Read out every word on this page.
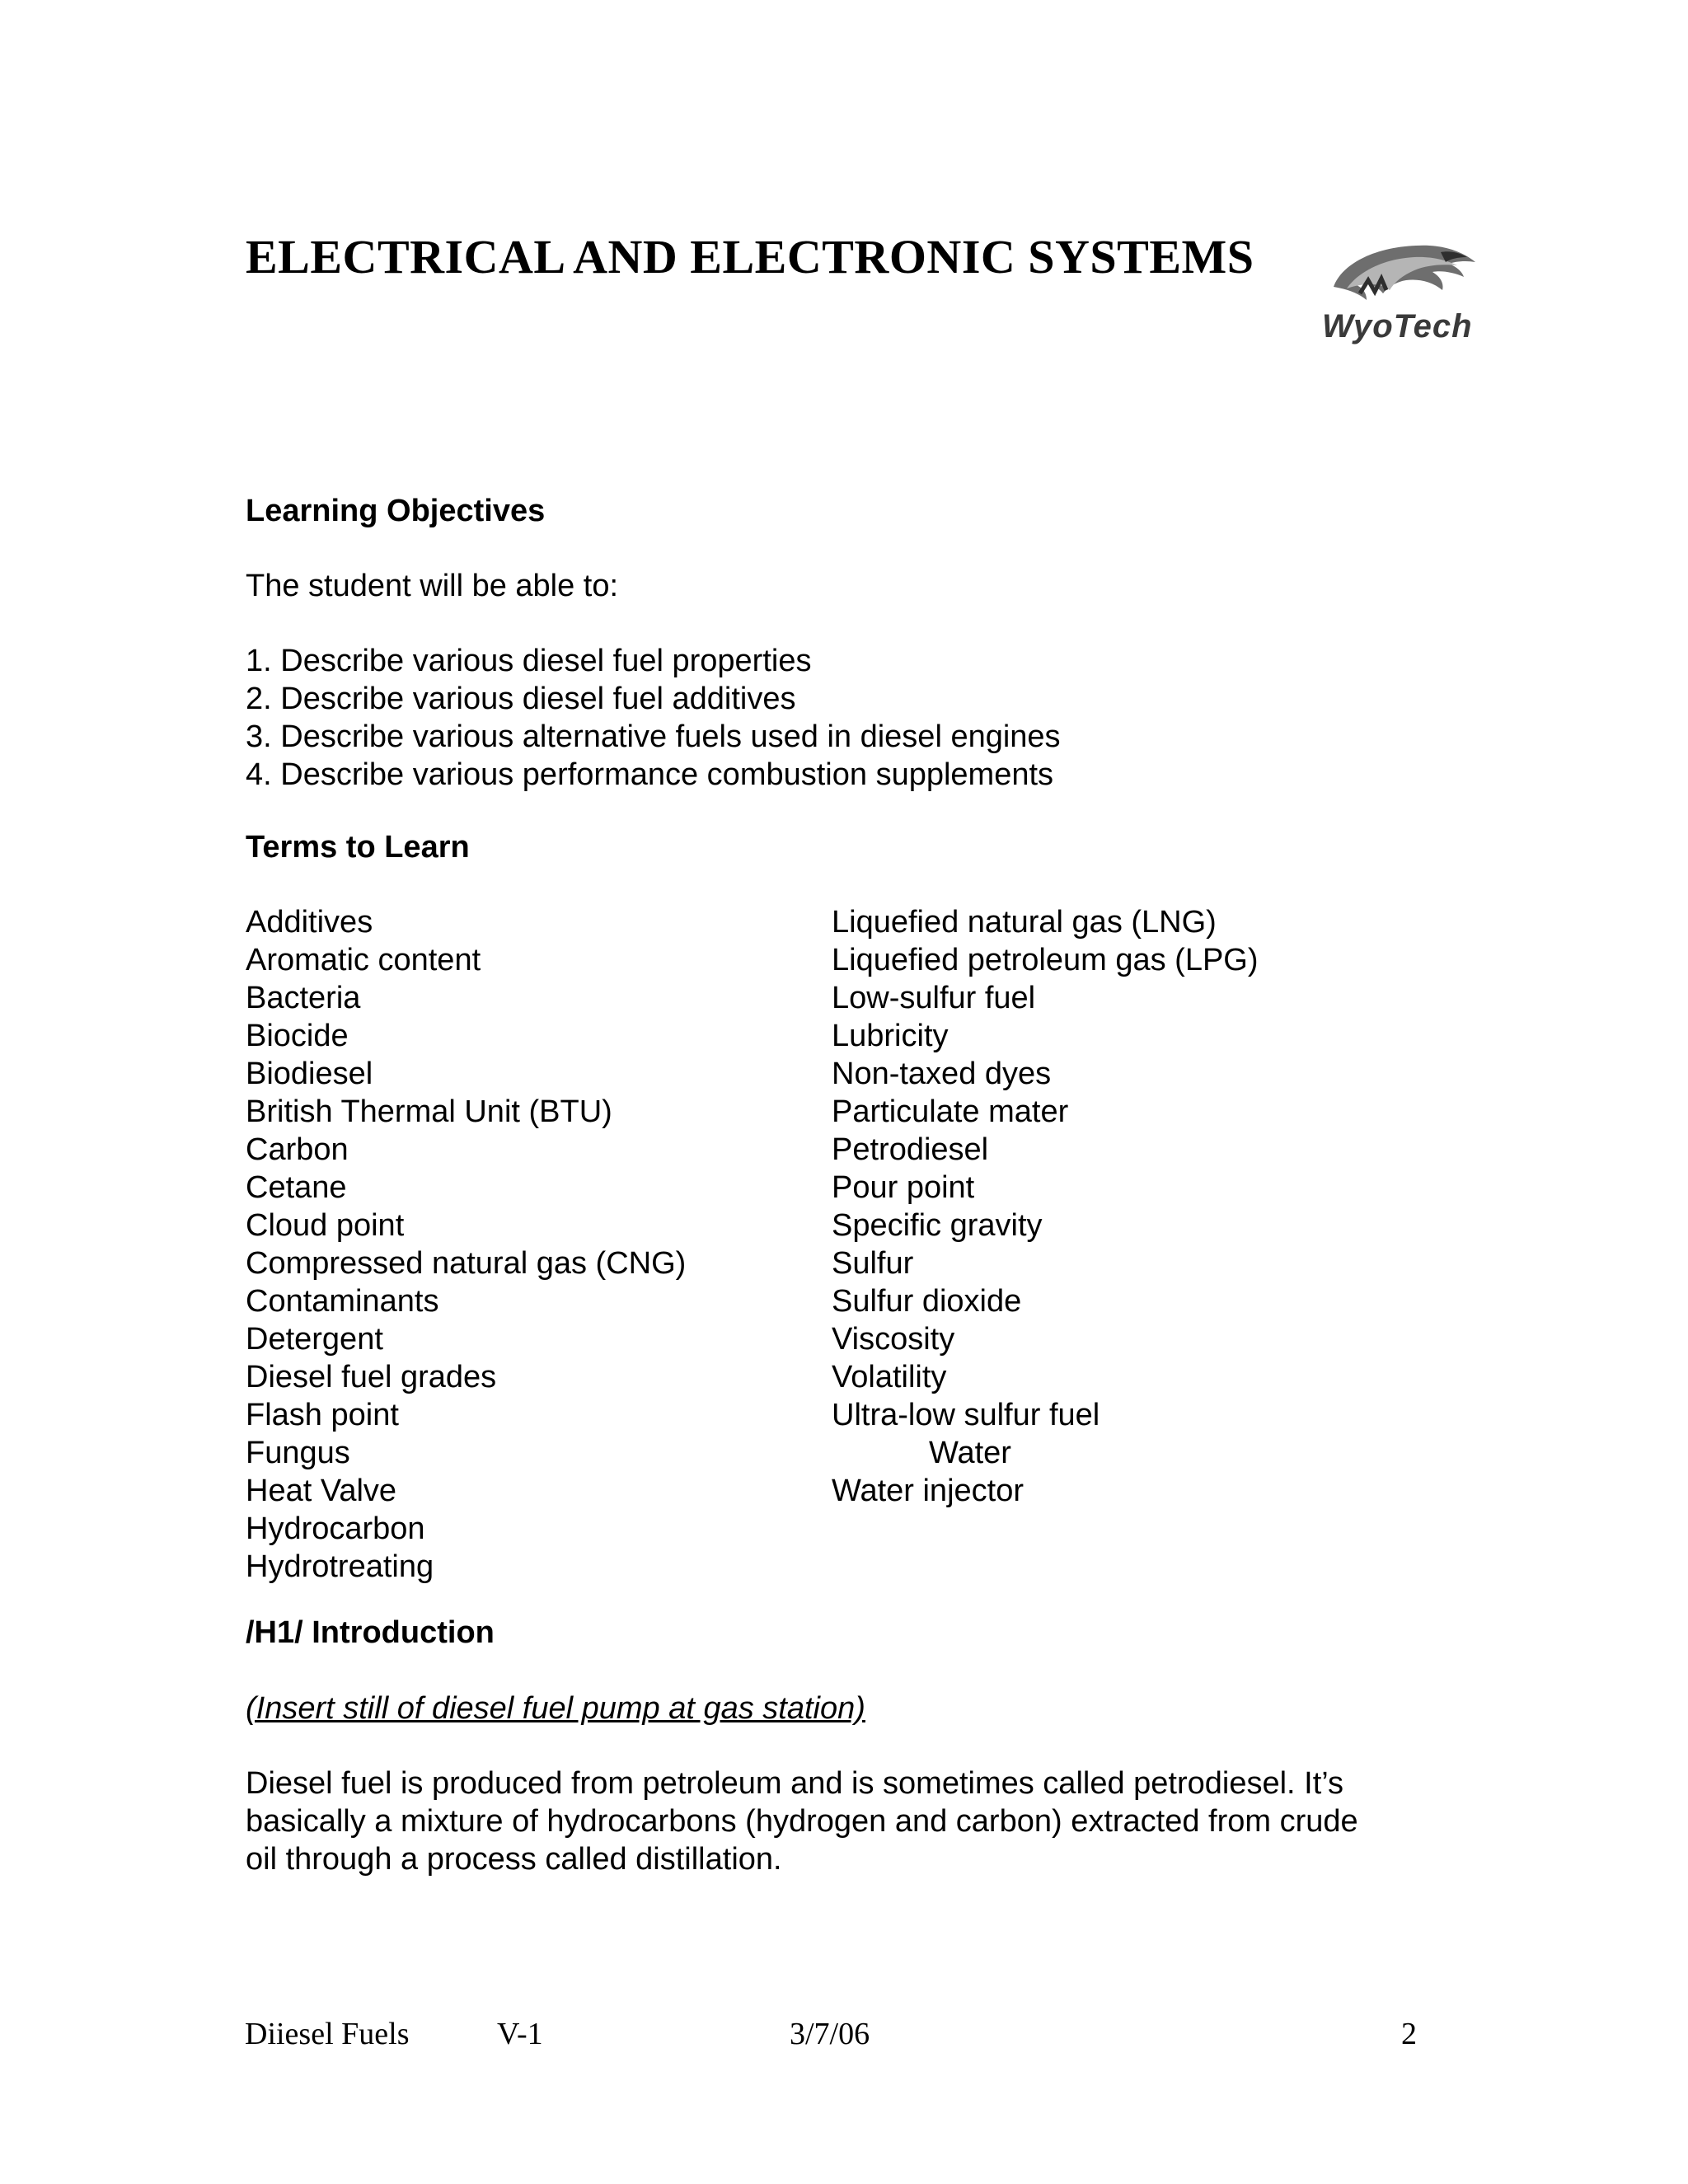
ELECTRICAL AND ELECTRONIC SYSTEMS
WyoTech
Learning Objectives
The student will be able to:
1. Describe various diesel fuel properties
2. Describe various diesel fuel additives
3. Describe various alternative fuels used in diesel engines
4. Describe various performance combustion supplements
Terms to Learn
Additives
Aromatic content
Bacteria
Biocide
Biodiesel
British Thermal Unit (BTU)
Carbon
Cetane
Cloud point
Compressed natural gas (CNG)
Contaminants
Detergent
Diesel fuel grades
Flash point
Fungus
Heat Valve
Hydrocarbon
Hydrotreating
Liquefied natural gas (LNG)
Liquefied petroleum gas (LPG)
Low-sulfur fuel
Lubricity
Non-taxed dyes
Particulate mater
Petrodiesel
Pour point
Specific gravity
Sulfur
Sulfur dioxide
Viscosity
Volatility
Ultra-low sulfur fuel
Water
Water injector
/H1/ Introduction
(Insert still of diesel fuel pump at gas station)

Diesel fuel is produced from petroleum and is sometimes called petrodiesel. It’s
basically a mixture of hydrocarbons (hydrogen and carbon) extracted from crude
oil through a process called distillation.

Diiesel Fuels	V-1	3/7/06	2
